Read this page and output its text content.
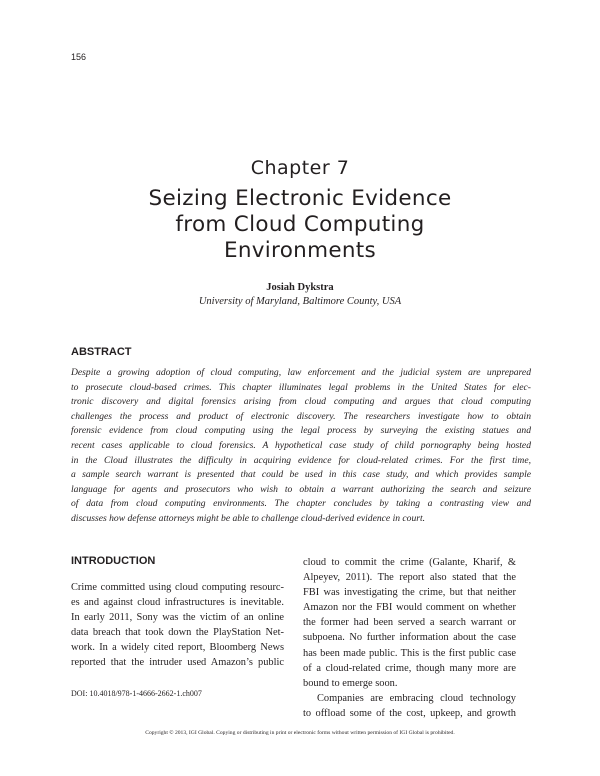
156
Chapter 7
Seizing Electronic Evidence
from Cloud Computing
Environments
Josiah Dykstra
University of Maryland, Baltimore County, USA
ABSTRACT
Despite a growing adoption of cloud computing, law enforcement and the judicial system are unprepared
to prosecute cloud-based crimes. This chapter illuminates legal problems in the United States for elec-
tronic discovery and digital forensics arising from cloud computing and argues that cloud computing
challenges the process and product of electronic discovery. The researchers investigate how to obtain
forensic evidence from cloud computing using the legal process by surveying the existing statues and
recent cases applicable to cloud forensics. A hypothetical case study of child pornography being hosted
in the Cloud illustrates the difficulty in acquiring evidence for cloud-related crimes. For the first time,
a sample search warrant is presented that could be used in this case study, and which provides sample
language for agents and prosecutors who wish to obtain a warrant authorizing the search and seizure
of data from cloud computing environments. The chapter concludes by taking a contrasting view and
discusses how defense attorneys might be able to challenge cloud-derived evidence in court.
INTRODUCTION
Crime committed using cloud computing resourc-
es and against cloud infrastructures is inevitable.
In early 2011, Sony was the victim of an online
data breach that took down the PlayStation Net-
work. In a widely cited report, Bloomberg News
reported that the intruder used Amazon’s public
cloud to commit the crime (Galante, Kharif, &
Alpeyev, 2011). The report also stated that the
FBI was investigating the crime, but that neither
Amazon nor the FBI would comment on whether
the former had been served a search warrant or
subpoena. No further information about the case
has been made public. This is the first public case
of a cloud-related crime, though many more are
bound to emerge soon.
Companies are embracing cloud technology
to offload some of the cost, upkeep, and growth
DOI: 10.4018/978-1-4666-2662-1.ch007
Copyright © 2013, IGI Global. Copying or distributing in print or electronic forms without written permission of IGI Global is prohibited.
